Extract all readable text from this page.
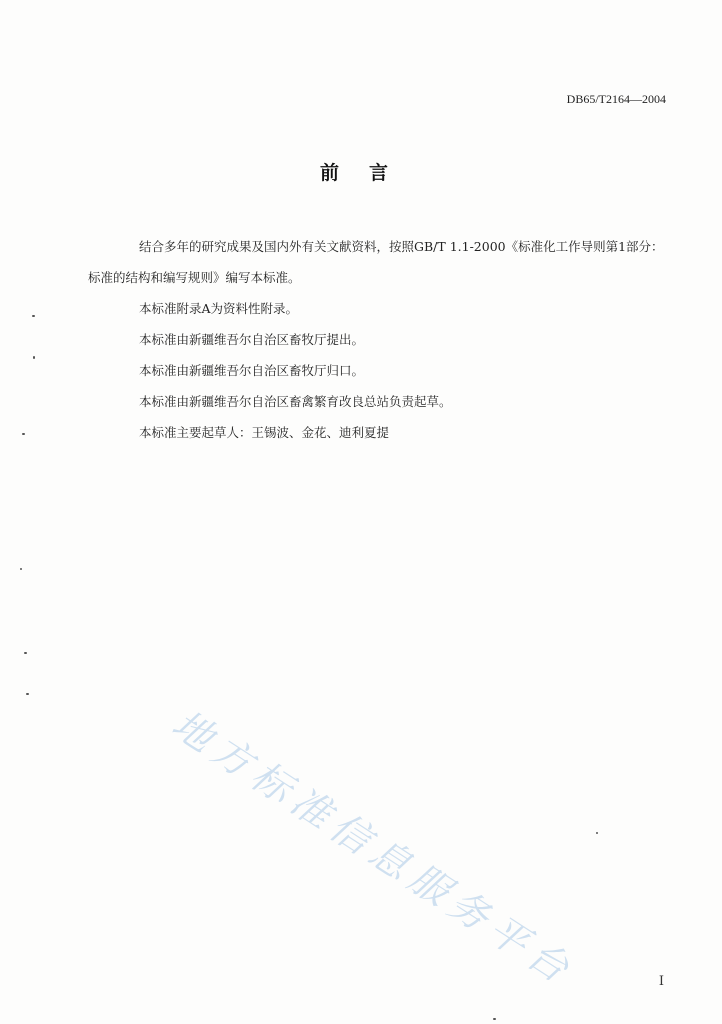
DB65/T2164—2004
前言

结合多年的研究成果及国内外有关文献资料，按照GB/T 1.1-2000《标准化工作导则第1部分：标准的结构和编写规则》编写本标准。

本标准附录A为资料性附录。

本标准由新疆维吾尔自治区畜牧厅提出。

本标准由新疆维吾尔自治区畜牧厅归口。

本标准由新疆维吾尔自治区畜禽繁育改良总站负责起草。

本标准主要起草人：王锡波、金花、迪利夏提

地方标准信息服务平台	I
